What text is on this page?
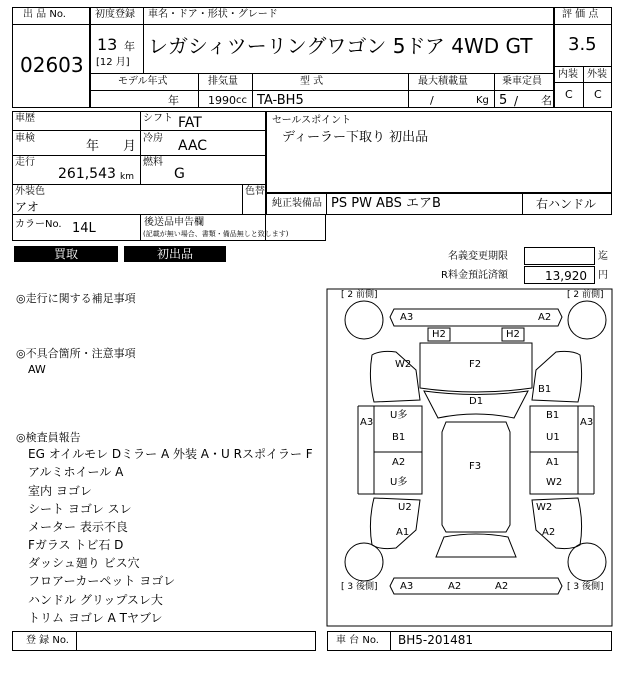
出 品 No.
02603
初度登録 車名・ドア・形状・グレード
13 年
[12 月]
レガシィツーリングワゴン 5ドア 4WD GT
評 価 点
3.5
内装 外装
C C
モデル年式	排気量	型 式	最大積載量	乗車定員
年	1990 cc TA-BH5	/	Kg 5 / 名
車歴
車検
年 月
走行
261,543 km
シフト FAT
冷房 AAC
燃料
G
セールスポイント
ディーラー下取り 初出品
外装色	色替
アオ	純正装備品 PS PW ABS エアB	右ハンドル
カラーNo. 14L	後送品申告欄
(記載が無い場合、書類・備品無しと致します)
買取	初出品	名義変更期限	迄
R料金預託済額	13,920 円
◎走行に関する補足事項
◎不具合箇所・注意事項
AW
◎検査員報告
EG オイルモレ Dミラー A 外装 A・U Rスポイラー F
アルミホイール A
室内 ヨゴレ
シート ヨゴレ スレ
メーター 表示不良
Fガラス トビ石 D
ダッシュ廻り ビス穴
フロアーカーペット ヨゴレ
ハンドル グリップスレ大
トリム ヨゴレ A Tヤブレ
[ 2 前側]	[ 2 前側]
[ 3 後側]	[ 3 後側]
A3	A2
H2	H2
W2	F2
B1
D1
A3
U多
B1
B1
U1
A3
F3
A2
U多
A1
W2
U2
A1
W2
A2
A3	A2	A2
登 録 No.	車 台 No. BH5-201481
